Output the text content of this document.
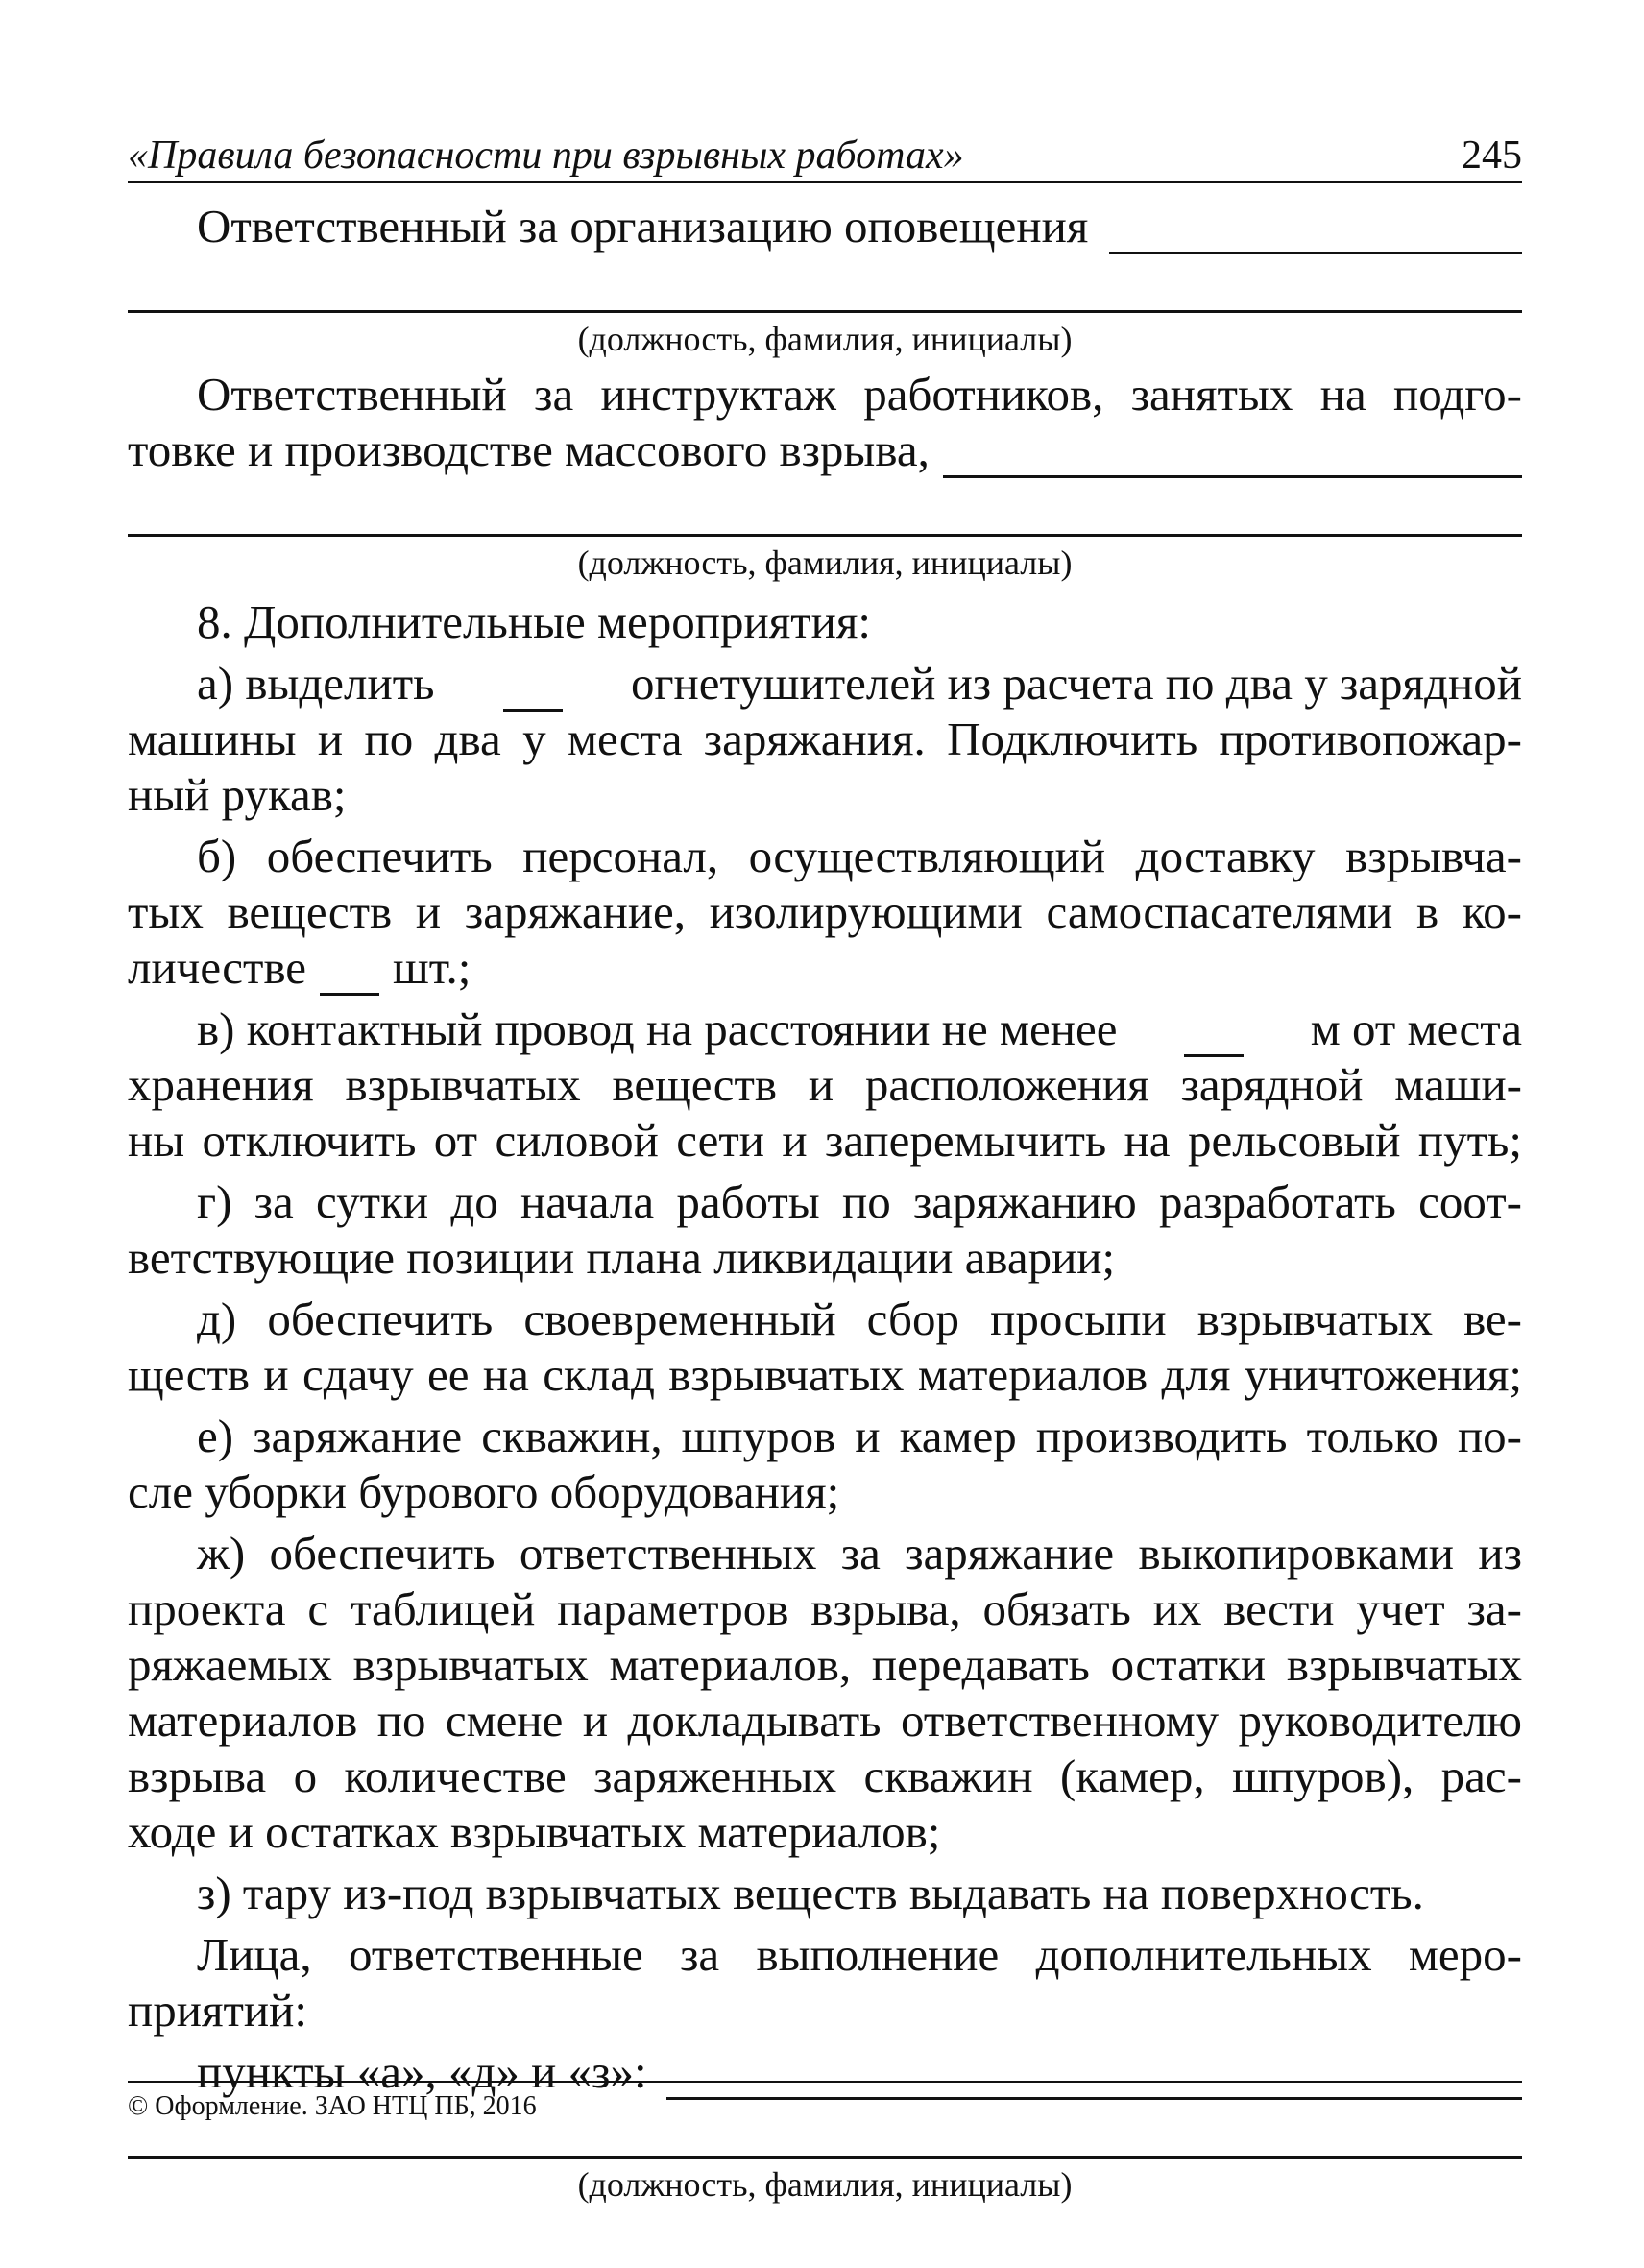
«Правила безопасности при взрывных работах»	245
Ответственный за организацию оповещения
(должность, фамилия, инициалы)
Ответственный за инструктаж работников, занятых на подго-
товке и производстве массового взрыва,
(должность, фамилия, инициалы)
8. Дополнительные мероприятия:
а) выделить	огнетушителей из расчета по два у зарядной
машины и по два у места заряжания. Подключить противопожар-
ный рукав;
б) обеспечить персонал, осуществляющий доставку взрывча-
тых веществ и заряжание, изолирующими самоспасателями в ко-
личестве шт.;
в) контактный провод на расстоянии не менее	м от места
хранения взрывчатых веществ и расположения зарядной маши-
ны отключить от силовой сети и заперемычить на рельсовый путь;
г) за сутки до начала работы по заряжанию разработать соот-
ветствующие позиции плана ликвидации аварии;
д) обеспечить своевременный сбор просыпи взрывчатых ве-
ществ и сдачу ее на склад взрывчатых материалов для уничтожения;
е) заряжание скважин, шпуров и камер производить только по-
сле уборки бурового оборудования;
ж) обеспечить ответственных за заряжание выкопировками из
проекта с таблицей параметров взрыва, обязать их вести учет за-
ряжаемых взрывчатых материалов, передавать остатки взрывчатых
материалов по смене и докладывать ответственному руководителю
взрыва о количестве заряженных скважин (камер, шпуров), рас-
ходе и остатках взрывчатых материалов;
з) тару из-под взрывчатых веществ выдавать на поверхность.
Лица, ответственные за выполнение дополнительных меро-
приятий:
пункты «а», «д» и «з»:
(должность, фамилия, инициалы)
© Оформление. ЗАО НТЦ ПБ, 2016
